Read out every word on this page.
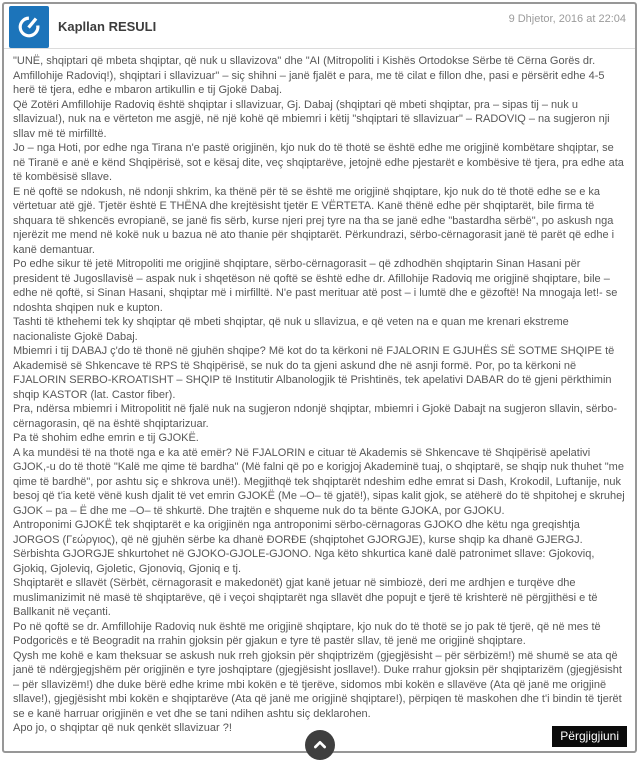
Kapllan RESULI	9 Dhjetor, 2016 at 22:04

"UNË, shqiptari që mbeta shqiptar, që nuk u sllavizova" dhe "AI (Mitropoliti i Kishës Ortodokse Sërbe të Cërna Gorës dr. Amfillohije Radoviq!), shqiptari i sllavizuar" – siç shihni – janë fjalët e para, me të cilat e fillon dhe, pasi e përsërit edhe 4-5 herë të tjera, edhe e mbaron artikullin e tij Gjokë Dabaj.

Që Zotëri Amfillohije Radoviq është shqiptar i sllavizuar, Gj. Dabaj (shqiptari që mbeti shqiptar, pra – sipas tij – nuk u sllavizua!), nuk na e vërteton me asgjë, në një kohë që mbiemri i këtij "shqiptari të sllavizuar" – RADOVIQ – na sugjeron nji sllav më të mirfilltë.

Jo – nga Hoti, por edhe nga Tirana n'e pastë origjinën, kjo nuk do të thotë se është edhe me origjinë kombëtare shqiptar, se në Tiranë e anë e kënd Shqipërisë, sot e kësaj dite, veç shqiptarëve, jetojnë edhe pjestarët e kombësive të tjera, pra edhe ata të kombësisë sllave.

E në qoftë se ndokush, në ndonji shkrim, ka thënë për të se është me origjinë shqiptare, kjo nuk do të thotë edhe se e ka vërtetuar atë gjë. Tjetër është E THËNA dhe krejtësisht tjetër E VËRTETA. Kanë thënë edhe për shqiptarët, bile firma të shquara të shkencës evropianë, se janë fis sërb, kurse njeri prej tyre na tha se janë edhe "bastardha sërbë", po askush nga njerëzit me mend në kokë nuk u bazua në ato thanie për shqiptarët. Përkundrazi, sërbo-cërnagorasit janë të parët që edhe i kanë demantuar.

Po edhe sikur të jetë Mitropoliti me origjinë shqiptare, sërbo-cërnagorasit – që zdhodhën shqiptarin Sinan Hasani për president të Jugosllavisë – aspak nuk i shqetëson në qoftë se është edhe dr. Afillohije Radoviq me origjinë shqiptare, bile – edhe në qoftë, si Sinan Hasani, shqiptar më i mirfilltë. N'e past merituar atë post – i lumtë dhe e gëzoftë! Na mnogaja let!- se ndoshta shqipen nuk e kupton.

Tashti të kthehemi tek ky shqiptar që mbeti shqiptar, që nuk u sllavizua, e që veten na e quan me krenari ekstreme nacionaliste Gjokë Dabaj.

Mbiemri i tij DABAJ ç'do të thonë në gjuhën shqipe? Më kot do ta kërkoni në FJALORIN E GJUHËS SË SOTME SHQIPE të Akademisë së Shkencave të RPS të Shqipërisë, se nuk do ta gjeni askund dhe në asnji formë. Por, po ta kërkoni në FJALORIN SERBO-KROATISHT – SHQIP të Institutir Albanologjik të Prishtinës, tek apelativi DABAR do të gjeni përkthimin shqip KASTOR (lat. Castor fiber).

Pra, ndërsa mbiemri i Mitropolitit në fjalë nuk na sugjeron ndonjë shqiptar, mbiemri i Gjokë Dabajt na sugjeron sllavin, sërbo-cërnagorasin, që na është shqiptarizuar.

Pa të shohim edhe emrin e tij GJOKË.

A ka mundësi të na thotë nga e ka atë emër? Në FJALORIN e cituar të Akademis së Shkencave të Shqipërisë apelativi GJOK,-u do të thotë "Kalë me qime të bardha" (Më falni që po e korigjoj Akademinë tuaj, o shqiptarë, se shqip nuk thuhet "me qime të bardhë", por ashtu siç e shkrova unë!). Megjithqë tek shqiptarët ndeshim edhe emrat si Dash, Krokodil, Luftanije, nuk besoj që t'ia ketë vënë kush djalit të vet emrin GJOKË (Me –O– të gjatë!), sipas kalit gjok, se atëherë do të shpitohej e skruhej GJOK – pa – Ë dhe me –O– të shkurtë. Dhe trajtën e shqueme nuk do ta bënte GJOKA, por GJOKU.

Antroponimi GJOKË tek shqiptarët e ka origjinën nga antroponimi sërbo-cërnagoras GJOKO dhe këtu nga greqishtja JORGOS (Γεώργιος), që në gjuhën sërbe ka dhanë ĐORĐE (shqiptohet GJORGJE), kurse shqip ka dhanë GJERGJ. Sërbishta GJORGJE shkurtohet në GJOKO-GJOLE-GJONO. Nga këto shkurtica kanë dalë patronimet sllave: Gjokoviq, Gjokiq, Gjoleviq, Gjoletic, Gjonoviq, Gjoniq e tj.

Shqiptarët e sllavët (Sërbët, cërnagorasit e makedonët) gjat kanë jetuar në simbiozë, deri me ardhjen e turqëve dhe muslimanizimit në masë të shqiptarëve, që i veçoi shqiptarët nga sllavët dhe popujt e tjerë të krishterë në përgjithësi e të Ballkanit në veçanti.

Po në qoftë se dr. Amfillohije Radoviq nuk është me origjinë shqiptare, kjo nuk do të thotë se jo pak të tjerë, që në mes të Podgoricës e të Beogradit na rrahin gjoksin për gjakun e tyre të pastër sllav, të jenë me origjinë shqiptare.

Qysh me kohë e kam theksuar se askush nuk rreh gjoksin për shqiptrizëm (gjegjësisht – për sërbizëm!) më shumë se ata që janë të ndërgjegjshëm për origjinën e tyre joshqiptare (gjegjësisht josllave!). Duke rrahur gjoksin për shqiptarizëm (gjegjësisht – për sllavizëm!) dhe duke bërë edhe krime mbi kokën e të tjerëve, sidomos mbi kokën e sllavëve (Ata që janë me origjinë sllave!), gjegjësisht mbi kokën e shqiptarëve (Ata që janë me origjinë shqiptare!), përpiqen të maskohen dhe t'i bindin të tjerët se e kanë harruar origjinën e vet dhe se tani ndihen ashtu siç deklarohen.

Apo jo, o shqiptar që nuk qenkët sllavizuar ?!

Përgjigjiuni
